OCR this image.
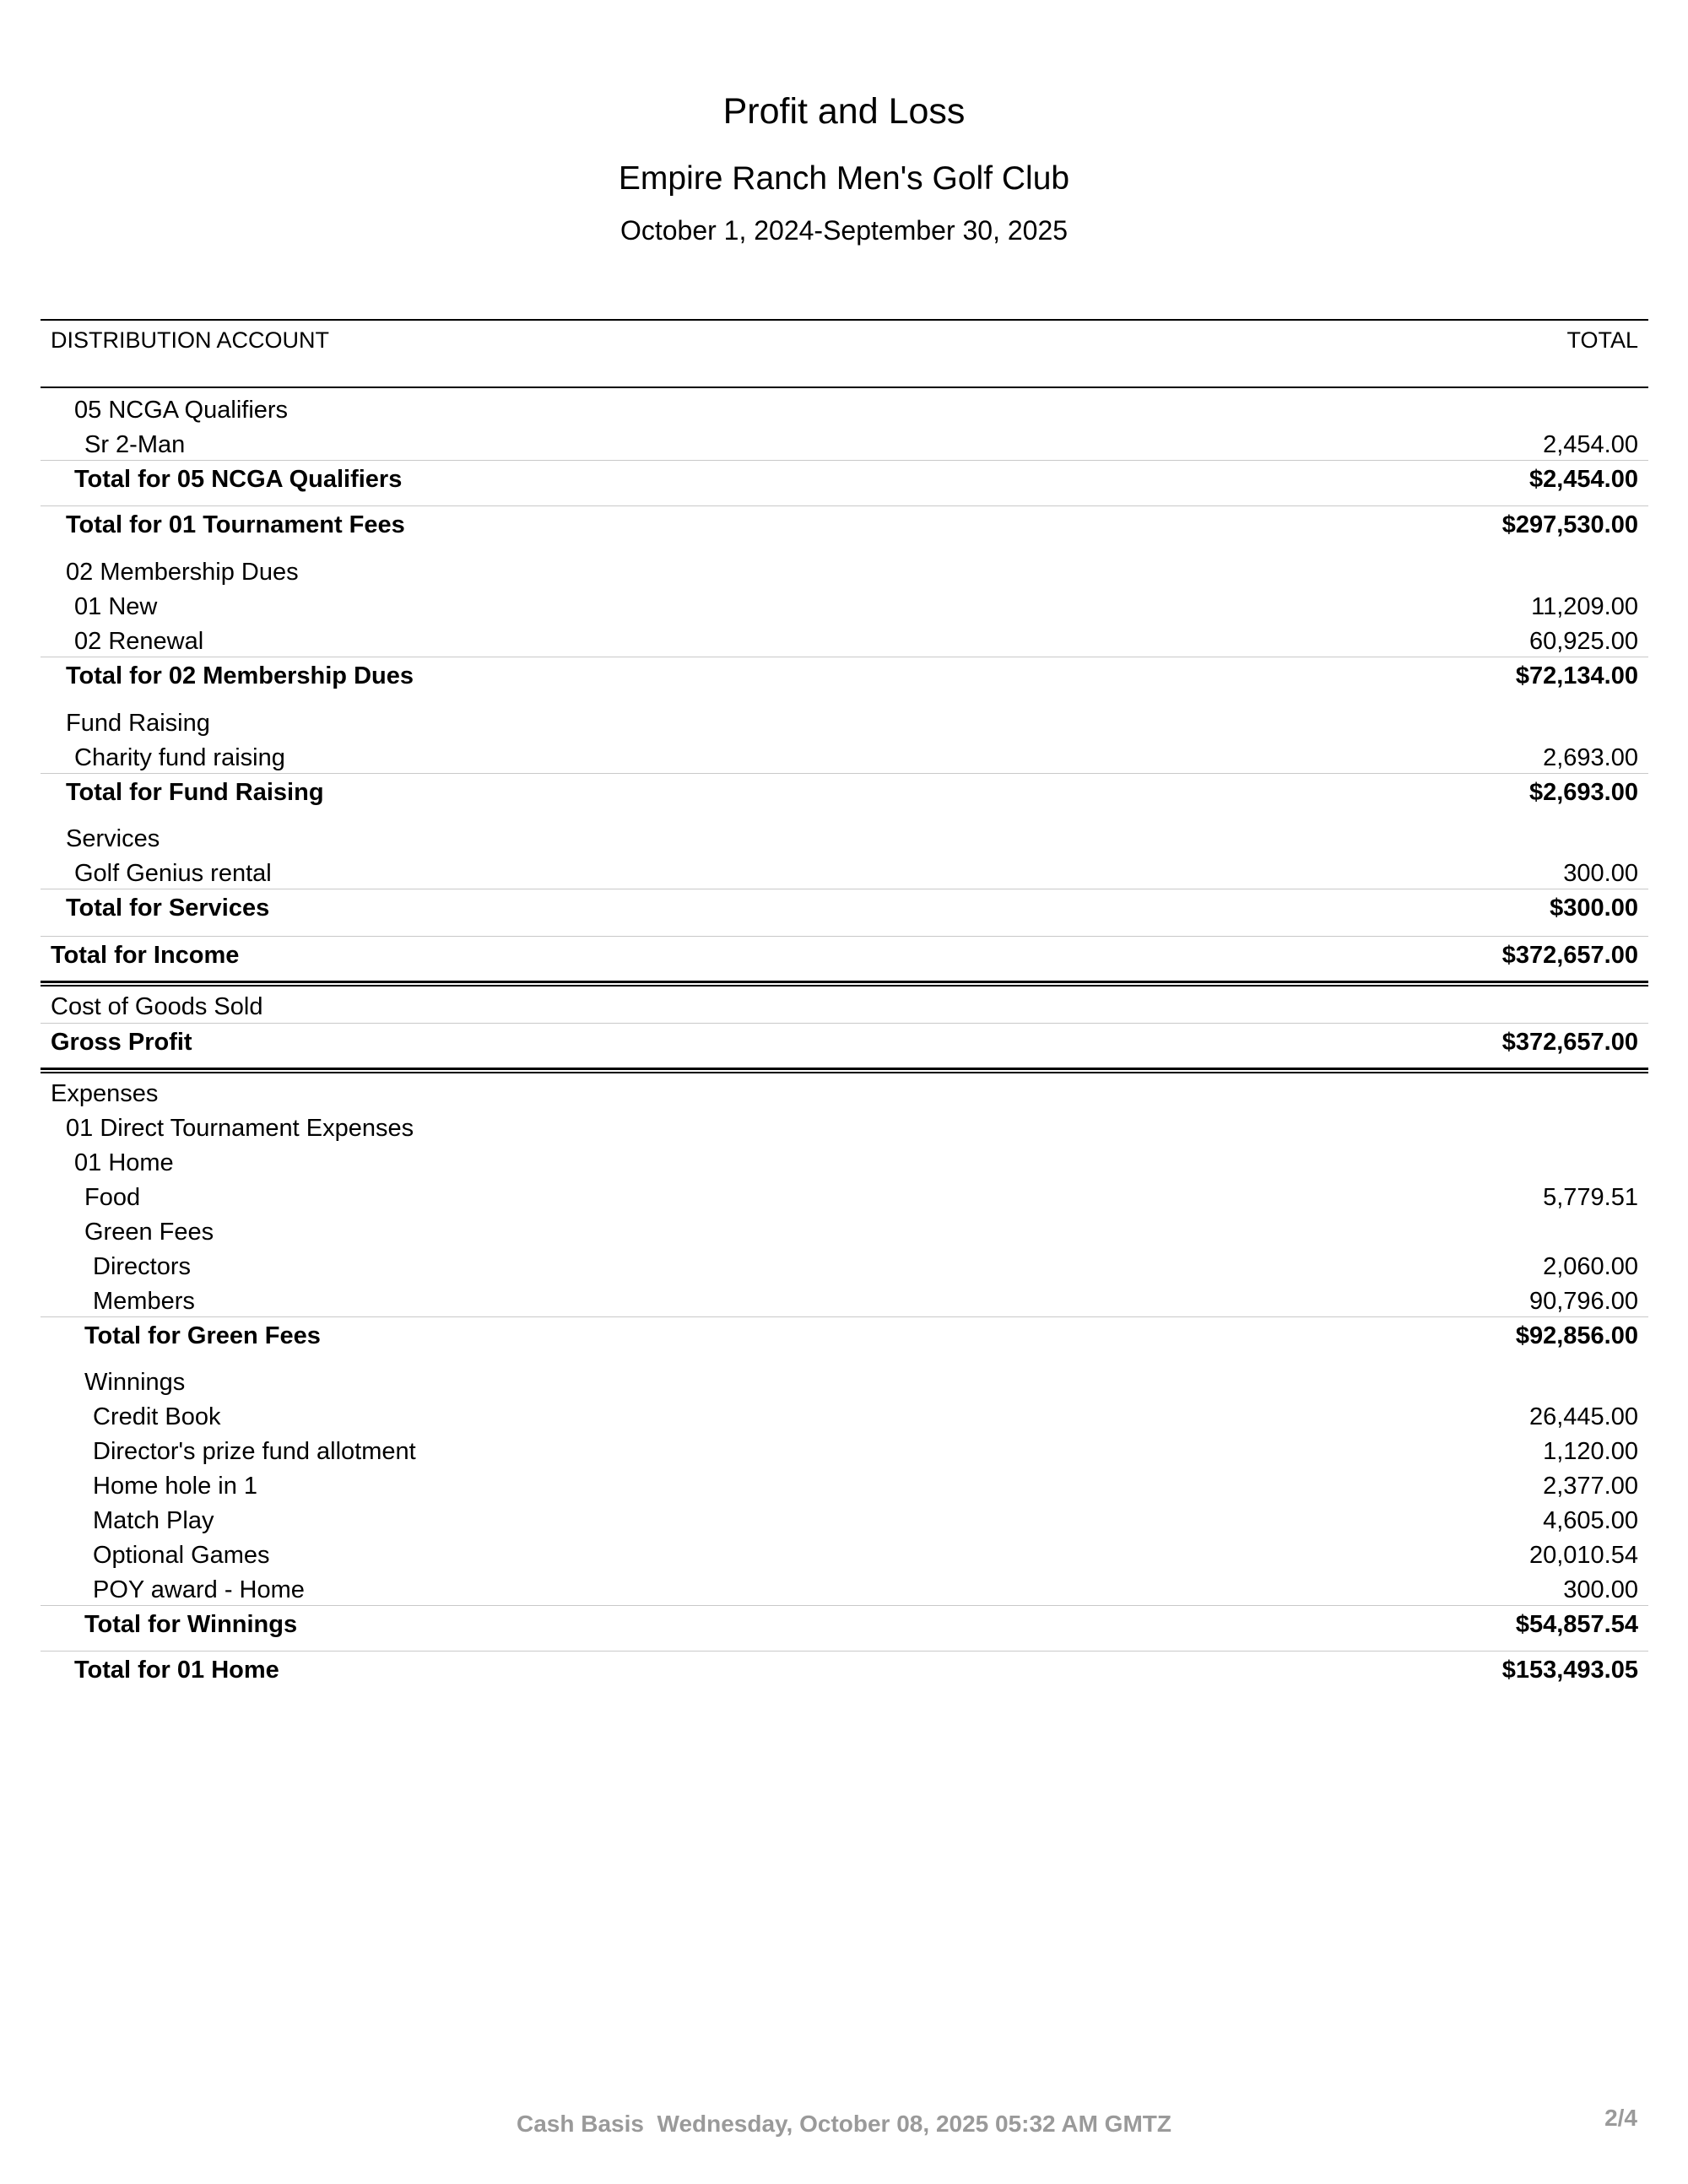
Profit and Loss
Empire Ranch Men's Golf Club
October 1, 2024-September 30, 2025
DISTRIBUTION ACCOUNT	TOTAL
05 NCGA Qualifiers
Sr 2-Man	2,454.00
Total for 05 NCGA Qualifiers	$2,454.00
Total for 01 Tournament Fees	$297,530.00
02 Membership Dues
01 New	11,209.00
02 Renewal	60,925.00
Total for 02 Membership Dues	$72,134.00
Fund Raising
Charity fund raising	2,693.00
Total for Fund Raising	$2,693.00
Services
Golf Genius rental	300.00
Total for Services	$300.00
Total for Income	$372,657.00
Cost of Goods Sold
Gross Profit	$372,657.00
Expenses
01 Direct Tournament Expenses
01 Home
Food	5,779.51
Green Fees
Directors	2,060.00
Members	90,796.00
Total for Green Fees	$92,856.00
Winnings
Credit Book	26,445.00
Director's prize fund allotment	1,120.00
Home hole in 1	2,377.00
Match Play	4,605.00
Optional Games	20,010.54
POY award - Home	300.00
Total for Winnings	$54,857.54
Total for 01 Home	$153,493.05
Cash Basis Wednesday, October 08, 2025 05:32 AM GMTZ	2/4
